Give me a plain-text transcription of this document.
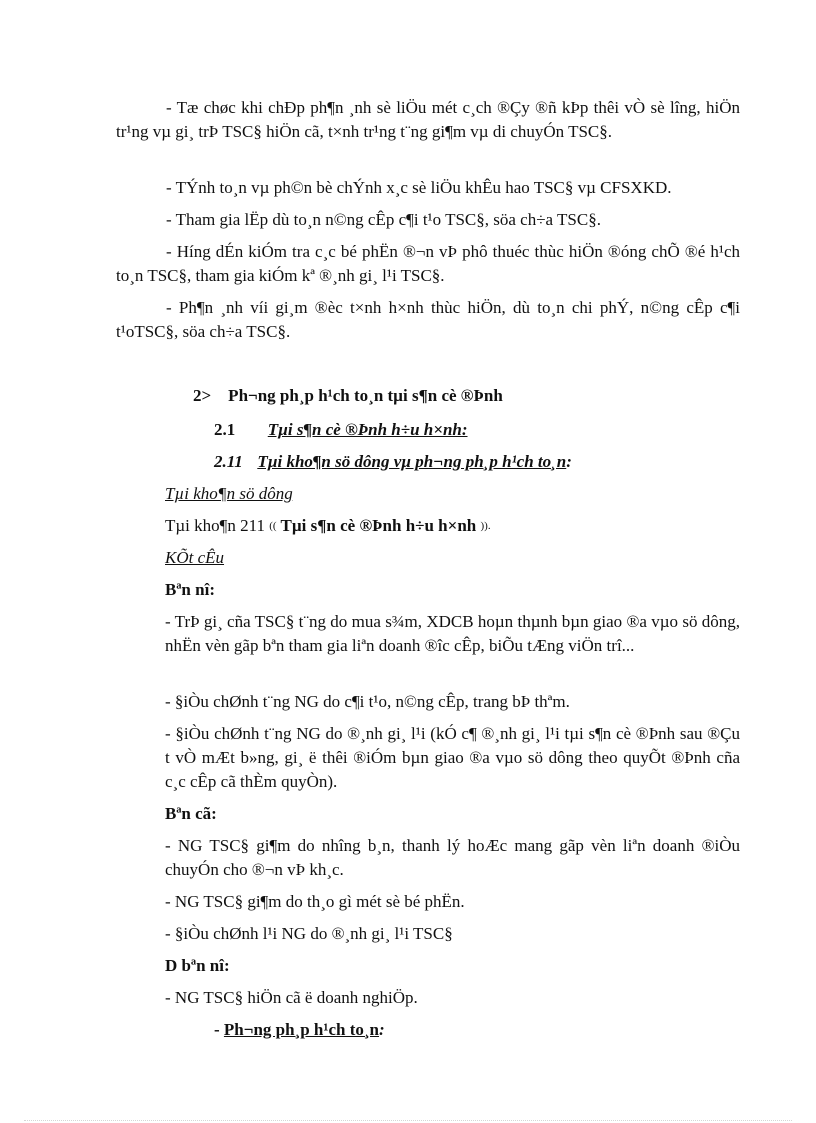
- Tæ chøc khi chÐp ph¶n ¸nh sè liÖu mét c¸ch ®Çy ®ñ kÞp thêi vÒ sè lîng, hiÖn tr¹ng vµ gi¸ trÞ TSC§ hiÖn cã, t×nh tr¹ng t¨ng gi¶m vµ di chuyÓn TSC§.

- TÝnh to¸n vµ ph©n bè chÝnh x¸c sè liÖu khÊu hao TSC§ vµ CFSXKD.

- Tham gia lËp dù to¸n n©ng cÊp c¶i t¹o TSC§, söa ch÷a TSC§.

- Híng dÉn kiÓm tra c¸c bé phËn ®¬n vÞ phô thuéc thùc hiÖn ®óng chÕ ®é h¹ch to¸n TSC§, tham gia kiÓm kª ®¸nh gi¸ l¹i TSC§.

- Ph¶n ¸nh víi gi¸m ®èc t×nh h×nh thùc hiÖn, dù to¸n chi phÝ, n©ng cÊp c¶i t¹oTSC§, söa ch÷a TSC§.

2>    Ph¬ng ph¸p h¹ch to¸n tµi s¶n cè ®Þnh

2.1 Tµi s¶n cè ®Þnh h÷u h×nh:

2.11 Tµi kho¶n sö dông vµ ph¬ng ph¸p h¹ch to¸n:

Tµi kho¶n sö dông

Tµi kho¶n 211 (( Tµi s¶n cè ®Þnh h÷u h×nh )).

KÕt cÊu

Bªn nî:

- TrÞ gi¸ cña TSC§ t¨ng do mua s¾m, XDCB hoµn thµnh bµn giao ®a vµo sö dông, nhËn vèn gãp bªn tham gia liªn doanh ®îc cÊp, biÕu tÆng viÖn trî...

- §iÒu chØnh t¨ng NG do c¶i t¹o, n©ng cÊp, trang bÞ thªm.

- §iÒu chØnh t¨ng NG do ®¸nh gi¸ l¹i (kÓ c¶ ®¸nh gi¸ l¹i tµi s¶n cè ®Þnh sau ®Çu t vÒ mÆt b»ng, gi¸ ë thêi ®iÓm bµn giao ®a vµo sö dông theo quyÕt ®Þnh cña c¸c cÊp cã thÈm quyÒn).

Bªn cã:

- NG TSC§ gi¶m do nhîng b¸n, thanh lý hoÆc mang gãp vèn liªn doanh ®iÒu chuyÓn cho ®¬n vÞ kh¸c.

- NG TSC§ gi¶m do th¸o gì mét sè bé phËn.

- §iÒu chØnh l¹i NG do ®¸nh gi¸ l¹i TSC§

D bªn nî:

- NG TSC§ hiÖn cã ë doanh nghiÖp.

- Ph¬ng ph¸p h¹ch to¸n:
